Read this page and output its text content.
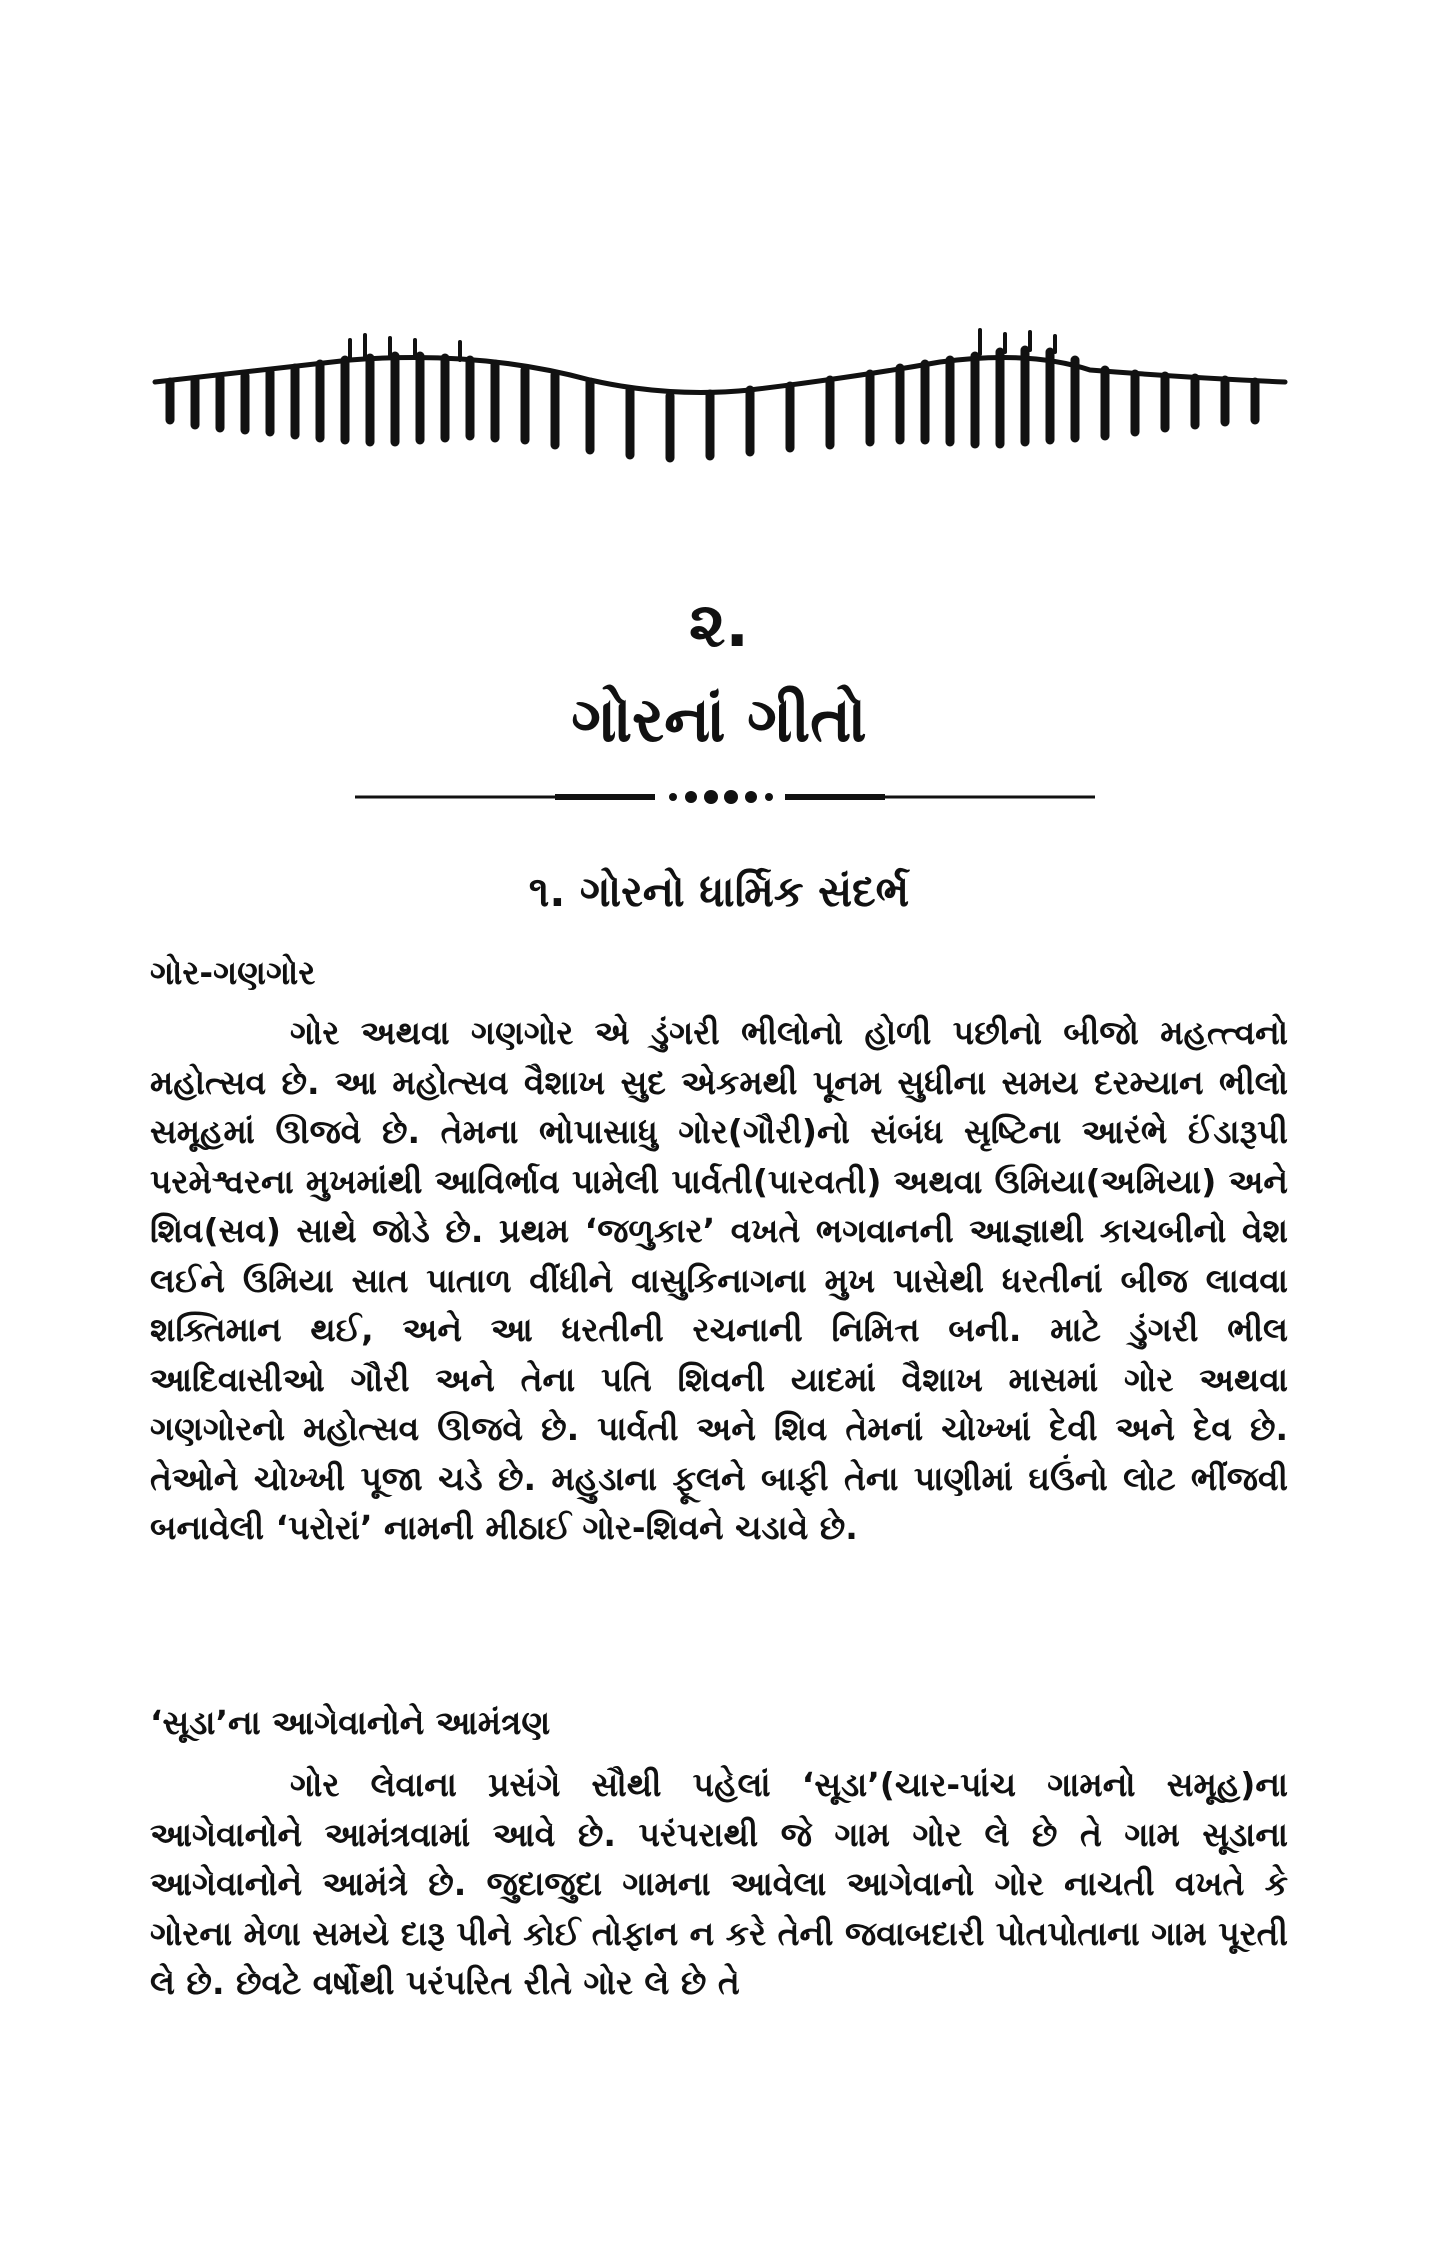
૨.
ગોરનાં ગીતો
૧. ગોરનો ધાર્મિક સંદર્ભ
ગોર-ગણગોર

ગોર અથવા ગણગોર એ ડુંગરી ભીલોનો હોળી પછીનો બીજો મહત્ત્વનો મહોત્સવ છે. આ મહોત્સવ વૈશાખ સુદ એકમથી પૂનમ સુધીના સમય દરમ્યાન ભીલો સમૂહમાં ઊજવે છે. તેમના ભોપાસાધુ ગોર(ગૌરી)નો સંબંધ સૃષ્ટિના આરંભે ઈંડારૂપી પરમેશ્વરના મુખમાંથી આવિર્ભાવ પામેલી પાર્વતી(પારવતી) અથવા ઉમિયા(અમિયા) અને શિવ(સવ) સાથે જોડે છે. પ્રથમ ‘જળુકાર’ વખતે ભગવાનની આજ્ઞાથી કાચબીનો વેશ લઈને ઉમિયા સાત પાતાળ વીંધીને વાસુકિનાગના મુખ પાસેથી ધરતીનાં બીજ લાવવા શક્તિમાન થઈ, અને આ ધરતીની રચનાની નિમિત્ત બની. માટે ડુંગરી ભીલ આદિવાસીઓ ગૌરી અને તેના પતિ શિવની યાદમાં વૈશાખ માસમાં ગોર અથવા ગણગોરનો મહોત્સવ ઊજવે છે. પાર્વતી અને શિવ તેમનાં ચોખ્ખાં દેવી અને દેવ છે. તેઓને ચોખ્ખી પૂજા ચડે છે. મહુડાના ફૂલને બાફી તેના પાણીમાં ઘઉંનો લોટ ભીંજવી બનાવેલી ‘પરોરાં’ નામની મીઠાઈ ગોર-શિવને ચડાવે છે.

‘સૂડા’ના આગેવાનોને આમંત્રણ

ગોર લેવાના પ્રસંગે સૌથી પહેલાં ‘સૂડા’(ચાર-પાંચ ગામનો સમૂહ)ના આગેવાનોને આમંત્રવામાં આવે છે. પરંપરાથી જે ગામ ગોર લે છે તે ગામ સૂડાના આગેવાનોને આમંત્રે છે. જુદાજુદા ગામના આવેલા આગેવાનો ગોર નાચતી વખતે કે ગોરના મેળા સમયે દારૂ પીને કોઈ તોફાન ન કરે તેની જવાબદારી પોતપોતાના ગામ પૂરતી લે છે. છેવટે વર્ષોથી પરંપરિત રીતે ગોર લે છે તે
